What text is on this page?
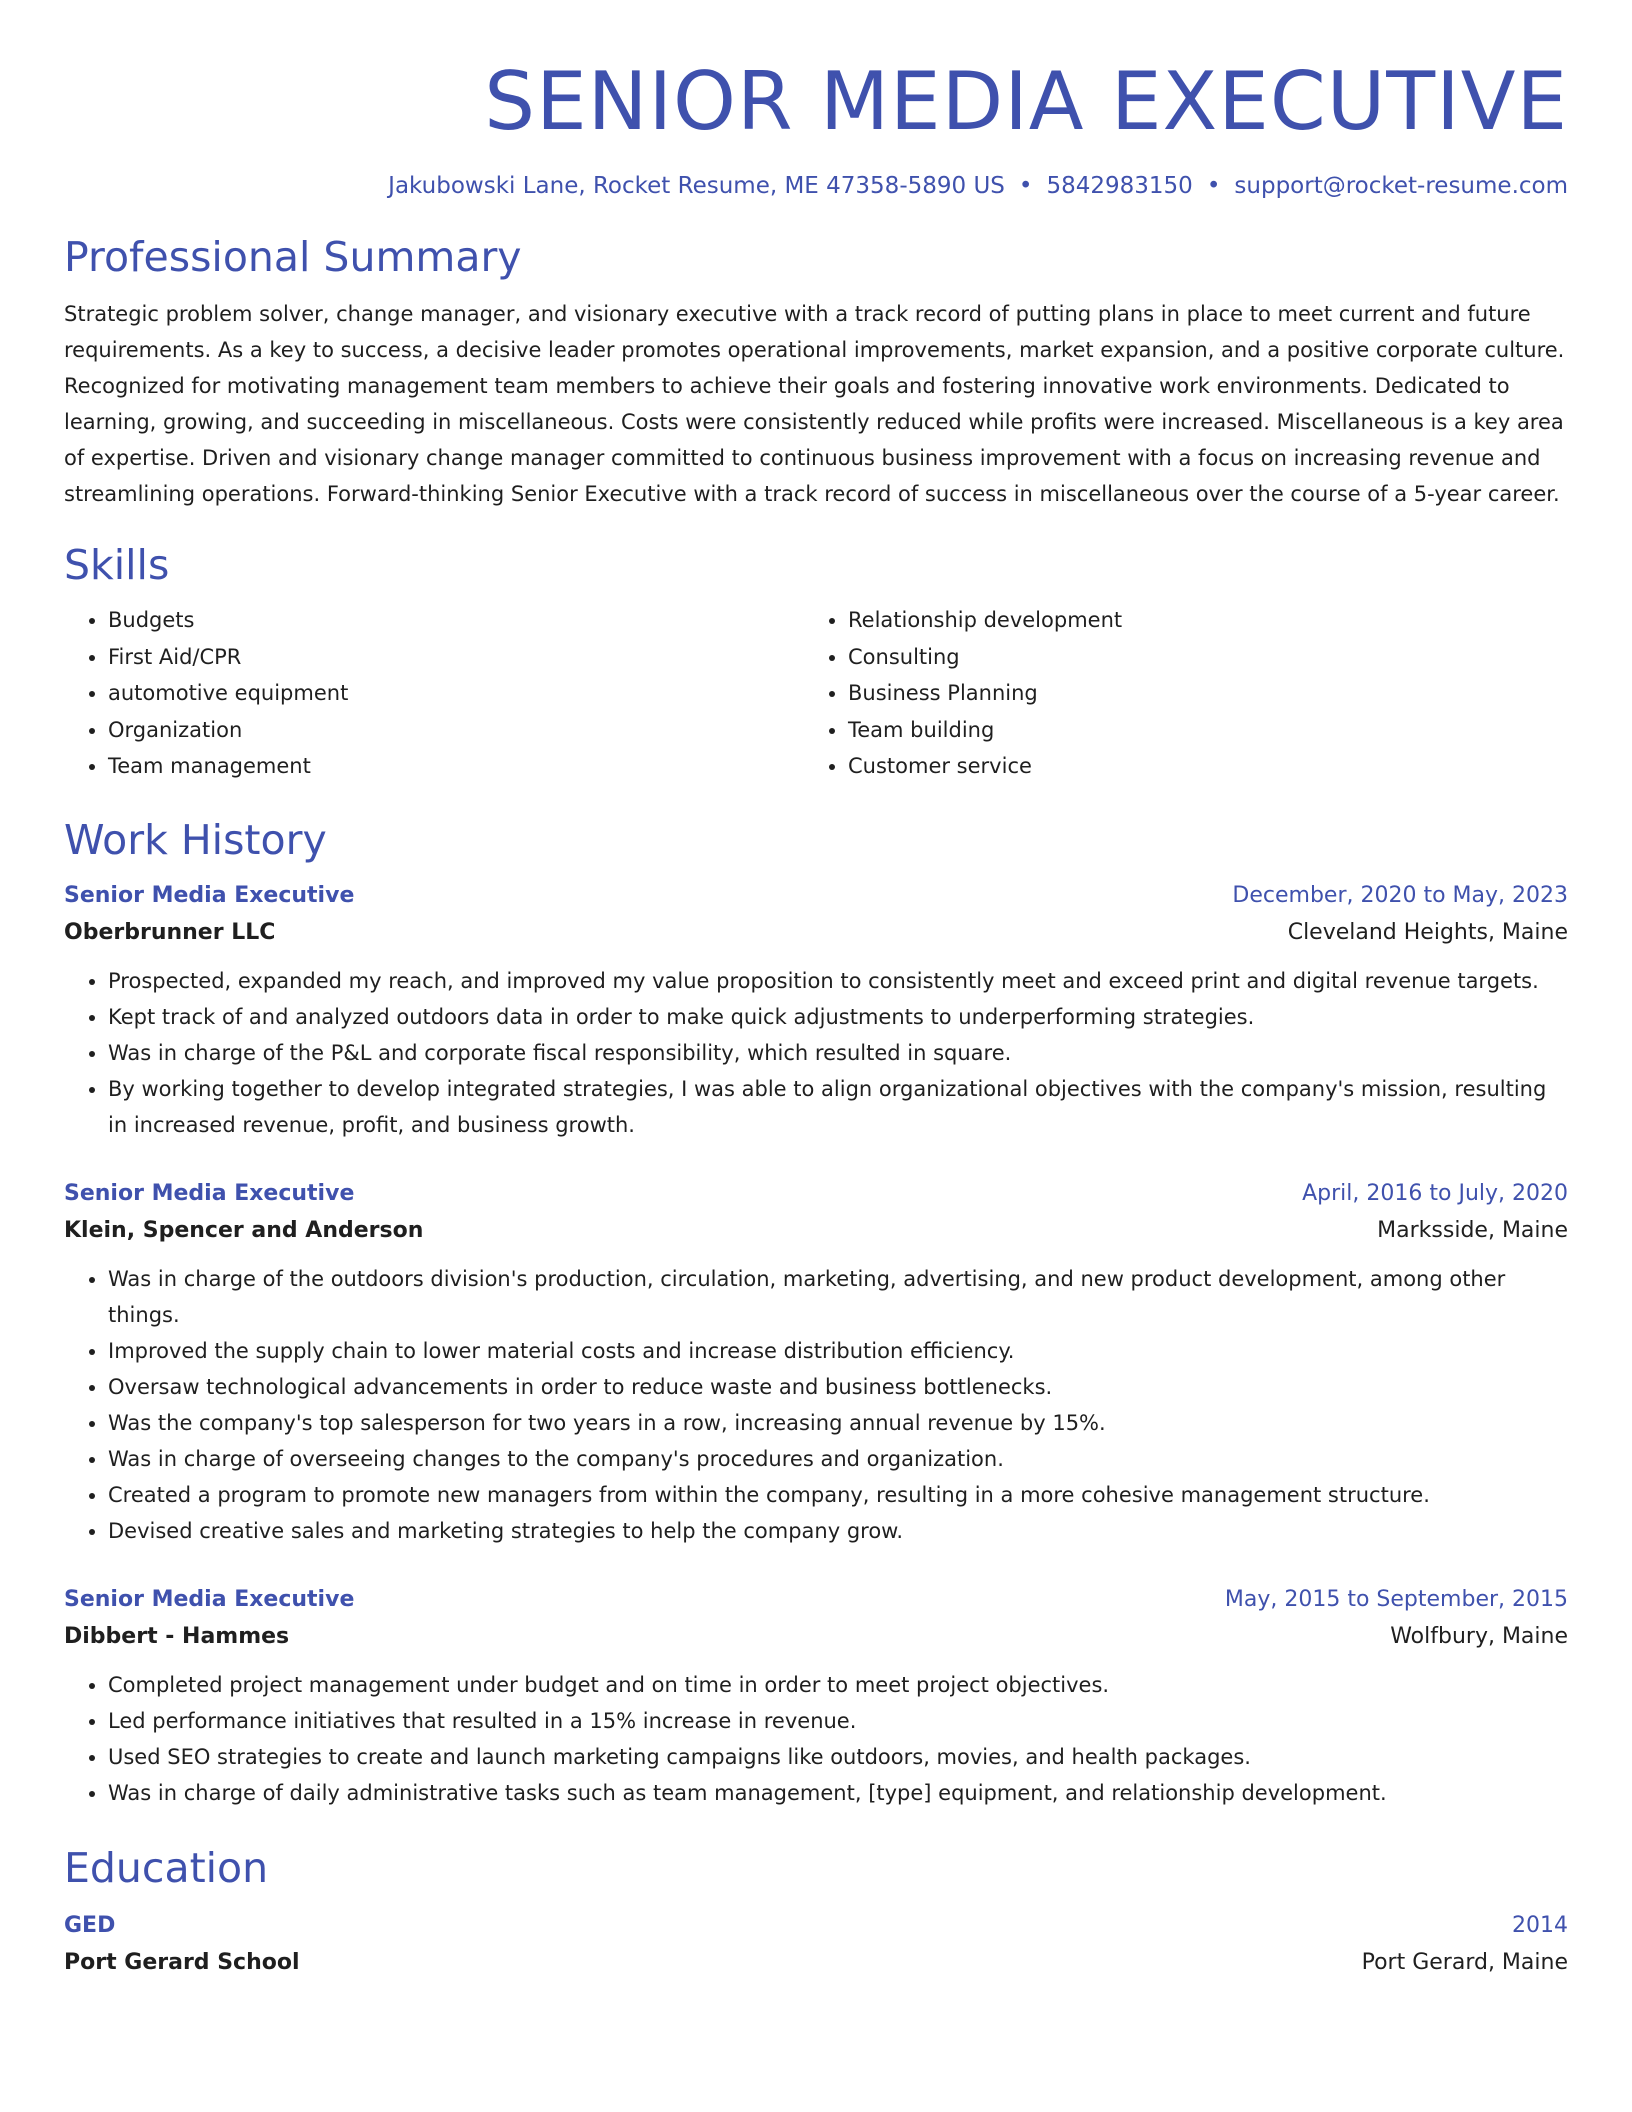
SENIOR MEDIA EXECUTIVE
Jakubowski Lane, Rocket Resume, ME 47358-5890 US • 5842983150 • support@rocket-resume.com
Professional Summary
Strategic problem solver, change manager, and visionary executive with a track record of putting plans in place to meet current and future requirements. As a key to success, a decisive leader promotes operational improvements, market expansion, and a positive corporate culture. Recognized for motivating management team members to achieve their goals and fostering innovative work environments. Dedicated to learning, growing, and succeeding in miscellaneous. Costs were consistently reduced while profits were increased. Miscellaneous is a key area of expertise. Driven and visionary change manager committed to continuous business improvement with a focus on increasing revenue and streamlining operations. Forward-thinking Senior Executive with a track record of success in miscellaneous over the course of a 5-year career.
Skills
• Budgets
• First Aid/CPR
• automotive equipment
• Organization
• Team management
• Relationship development
• Consulting
• Business Planning
• Team building
• Customer service
Work History
Senior Media Executive	December, 2020 to May, 2023
Oberbrunner LLC	Cleveland Heights, Maine
• Prospected, expanded my reach, and improved my value proposition to consistently meet and exceed print and digital revenue targets.
• Kept track of and analyzed outdoors data in order to make quick adjustments to underperforming strategies.
• Was in charge of the P&L and corporate fiscal responsibility, which resulted in square.
• By working together to develop integrated strategies, I was able to align organizational objectives with the company's mission, resulting in increased revenue, profit, and business growth.
Senior Media Executive	April, 2016 to July, 2020
Klein, Spencer and Anderson	Marksside, Maine
• Was in charge of the outdoors division's production, circulation, marketing, advertising, and new product development, among other things.
• Improved the supply chain to lower material costs and increase distribution efficiency.
• Oversaw technological advancements in order to reduce waste and business bottlenecks.
• Was the company's top salesperson for two years in a row, increasing annual revenue by 15%.
• Was in charge of overseeing changes to the company's procedures and organization.
• Created a program to promote new managers from within the company, resulting in a more cohesive management structure.
• Devised creative sales and marketing strategies to help the company grow.
Senior Media Executive	May, 2015 to September, 2015
Dibbert - Hammes	Wolfbury, Maine
• Completed project management under budget and on time in order to meet project objectives.
• Led performance initiatives that resulted in a 15% increase in revenue.
• Used SEO strategies to create and launch marketing campaigns like outdoors, movies, and health packages.
• Was in charge of daily administrative tasks such as team management, [type] equipment, and relationship development.
Education
GED	2014
Port Gerard School	Port Gerard, Maine
